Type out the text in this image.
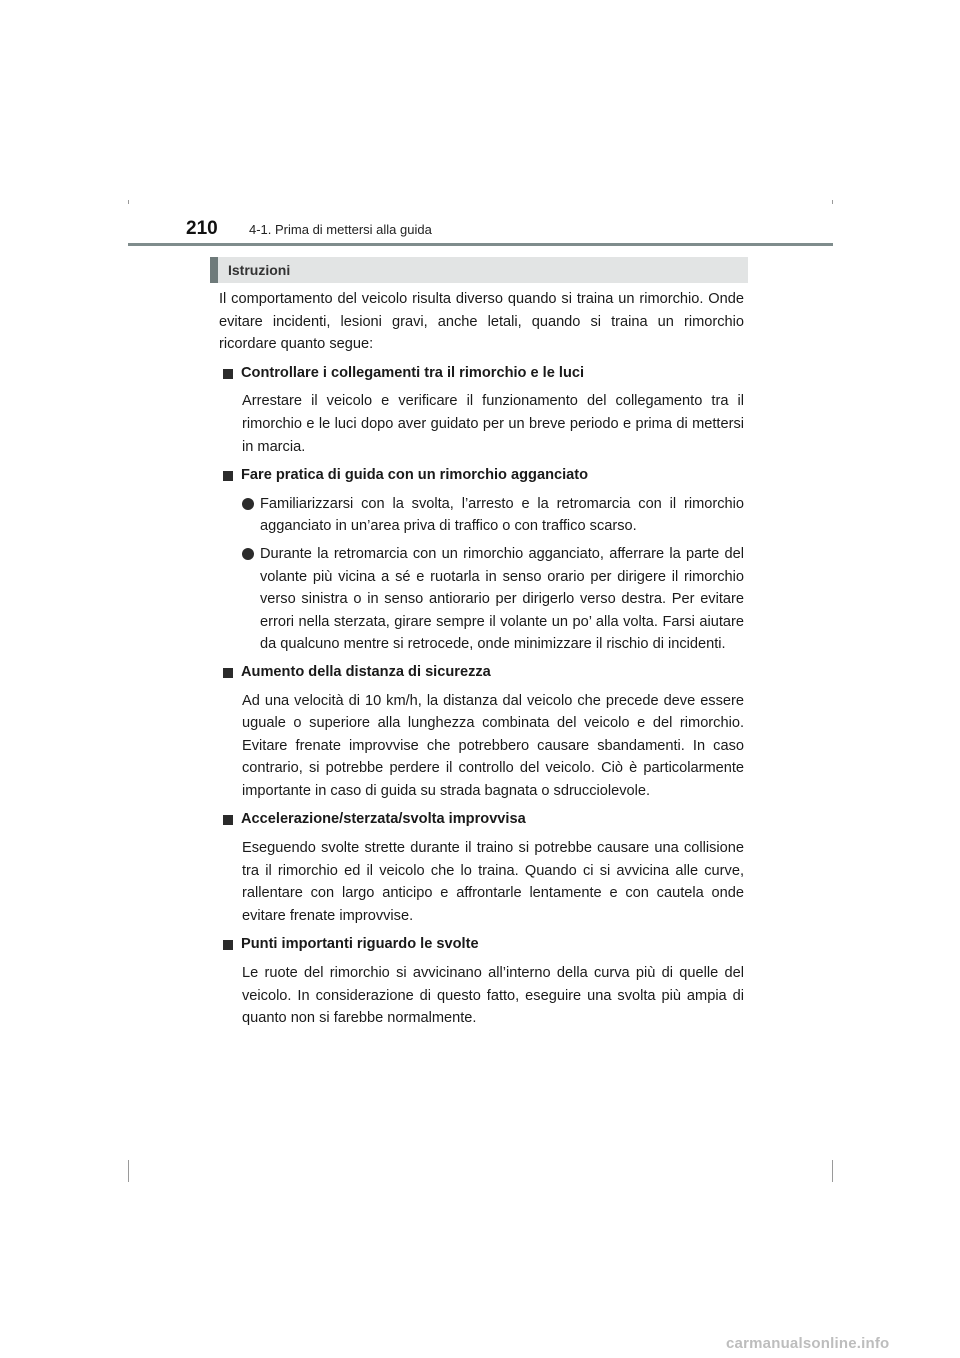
210 4-1. Prima di mettersi alla guida
Istruzioni

Il comportamento del veicolo risulta diverso quando si traina un rimorchio. Onde evitare incidenti, lesioni gravi, anche letali, quando si traina un rimorchio ricordare quanto segue:

Controllare i collegamenti tra il rimorchio e le luci
Arrestare il veicolo e verificare il funzionamento del collegamento tra il rimorchio e le luci dopo aver guidato per un breve periodo e prima di mettersi in marcia.
Fare pratica di guida con un rimorchio agganciato
Familiarizzarsi con la svolta, l’arresto e la retromarcia con il rimorchio agganciato in un’area priva di traffico o con traffico scarso.
Durante la retromarcia con un rimorchio agganciato, afferrare la parte del volante più vicina a sé e ruotarla in senso orario per dirigere il rimorchio verso sinistra o in senso antiorario per dirigerlo verso destra. Per evitare errori nella sterzata, girare sempre il volante un po’ alla volta. Farsi aiutare da qualcuno mentre si retrocede, onde minimizzare il rischio di incidenti.
Aumento della distanza di sicurezza
Ad una velocità di 10 km/h, la distanza dal veicolo che precede deve essere uguale o superiore alla lunghezza combinata del veicolo e del rimorchio. Evitare frenate improvvise che potrebbero causare sbandamenti. In caso contrario, si potrebbe perdere il controllo del veicolo. Ciò è particolarmente importante in caso di guida su strada bagnata o sdrucciolevole.
Accelerazione/sterzata/svolta improvvisa
Eseguendo svolte strette durante il traino si potrebbe causare una collisione tra il rimorchio ed il veicolo che lo traina. Quando ci si avvicina alle curve, rallentare con largo anticipo e affrontarle lentamente e con cautela onde evitare frenate improvvise.
Punti importanti riguardo le svolte
Le ruote del rimorchio si avvicinano all’interno della curva più di quelle del veicolo. In considerazione di questo fatto, eseguire una svolta più ampia di quanto non si farebbe normalmente.
carmanualsonline.info
